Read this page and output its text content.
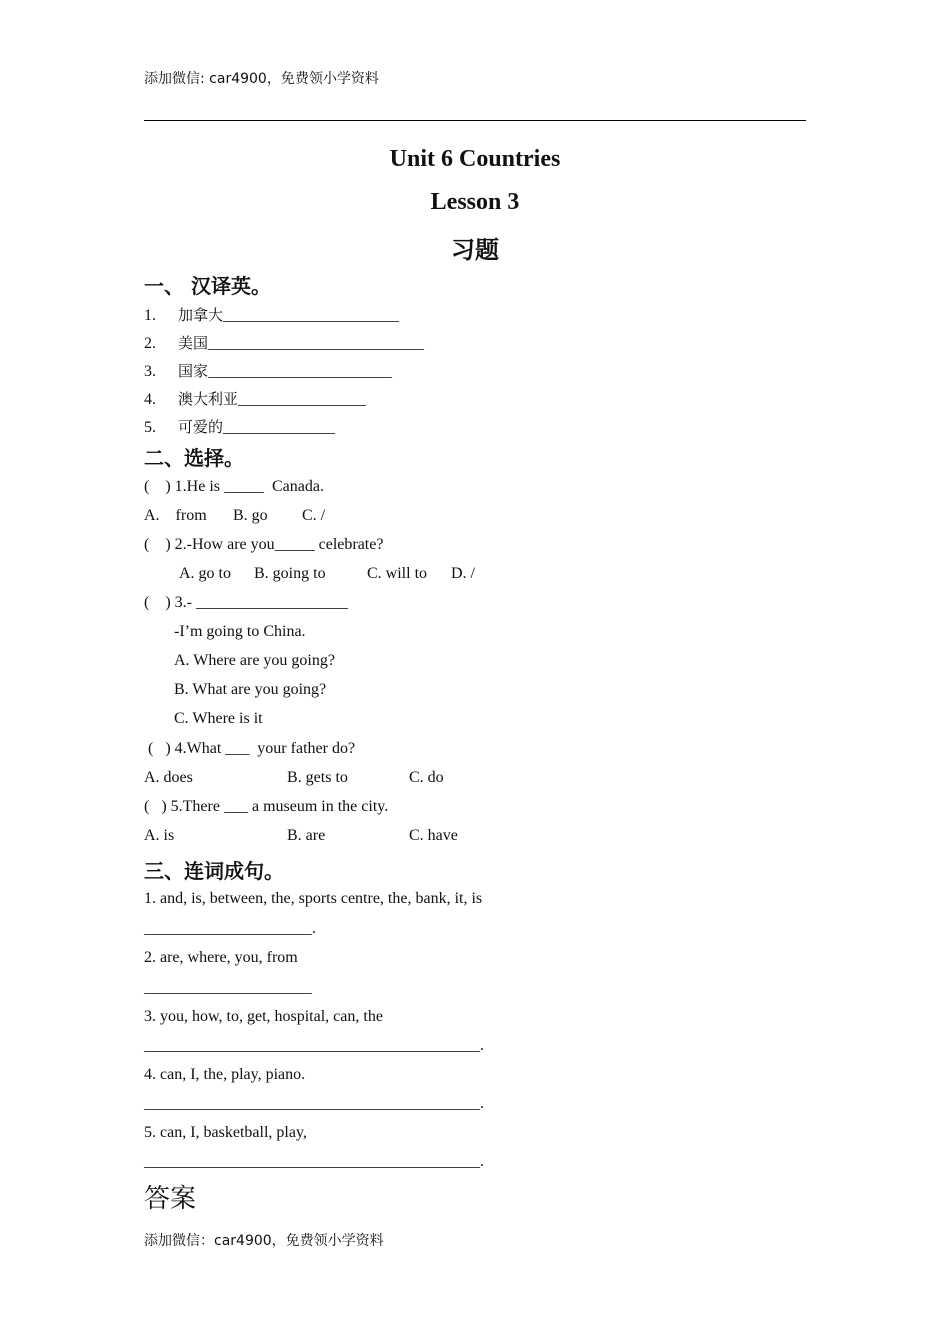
添加微信: car4900，免费领小学资料
Unit 6 Countries
Lesson 3
习题
一、 汉译英。
1. 加拿大______________________
2. 美国___________________________
3. 国家_______________________
4. 澳大利亚________________
5. 可爱的______________
二、选择。
(    ) 1.He is _____  Canada.
A.    from B. go C. /
(    ) 2.-How are you_____ celebrate?
A. go to B. going to	C. will to D. /
(    ) 3.- ___________________
-I’m going to China.
A. Where are you going?
B. What are you going?
C. Where is it
(   ) 4.What ___  your father do?
A. does	B. gets to	C. do
(   ) 5.There ___ a museum in the city.
A. is	B. are	C. have
三、连词成句。
1. and, is, between, the, sports centre, the, bank, it, is
_____________________.
2. are, where, you, from
_____________________
3. you, how, to, get, hospital, can, the
__________________________________________.
4. can, I, the, play, piano.
__________________________________________.
5. can, I, basketball, play,
__________________________________________.
答案
添加微信：car4900，免费领小学资料
